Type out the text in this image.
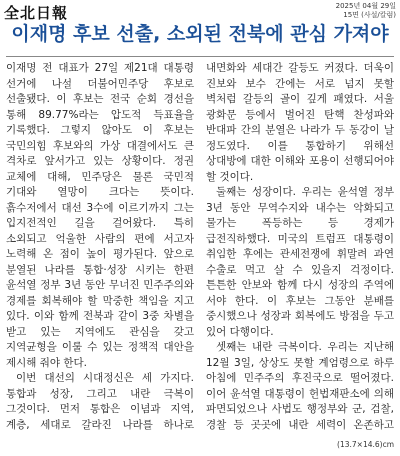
全北日報	2025년 04월 29일
15면 (사설/칼럼)
이재명 후보 선출, 소외된 전북에 관심 가져야

이재명 전 대표가 27일 제21대 대통령 선거에 나설 더불어민주당 후보로 선출됐다. 이 후보는 전국 순회 경선을 통해 89.77%라는 압도적 득표율을 기록했다. 그렇지 않아도 이 후보는 국민의힘 후보와의 가상 대결에서도 큰 격차로 앞서가고 있는 상황이다. 정권 교체에 대해, 민주당은 물론 국민적 기대와 열망이 크다는 뜻이다. 흙수저에서 대선 3수에 이르기까지 그는 입지전적인 길을 걸어왔다. 특히 소외되고 억울한 사람의 편에 서고자 노력해 온 점이 높이 평가된다. 앞으로 분열된 나라를 통합·성장 시키는 한편 윤석열 정부 3년 동안 무너진 민주주의와 경제를 회복해야 할 막중한 책임을 지고 있다. 이와 함께 전북과 같이 3중 차별을 받고 있는 지역에도 관심을 갖고 지역균형을 이룰 수 있는 정책적 대안을 제시해 줘야 한다.

이번 대선의 시대정신은 세 가지다. 통합과 성장, 그리고 내란 극복이 그것이다. 먼저 통합은 이념과 지역, 계층, 세대로 갈라진 나라를 하나로

내면화와 세대간 갈등도 커졌다. 더욱이 진보와 보수 간에는 서로 넘지 못할 벽처럼 갈등의 골이 깊게 패였다. 서울 광화문 등에서 벌어진 탄핵 찬성파와 반대파 간의 분열은 나라가 두 동강이 날 정도였다. 이를 통합하기 위해선 상대방에 대한 이해와 포용이 선행되어야 할 것이다.

둘째는 성장이다. 우리는 윤석열 정부 3년 동안 무역수지와 내수는 악화되고 물가는 폭등하는 등 경제가 급전직하했다. 미국의 트럼프 대통령이 취임한 후에는 관세전쟁에 휘말려 과연 수출로 먹고 살 수 있을지 걱정이다. 튼튼한 안보와 함께 다시 성장의 주역에 서야 한다. 이 후보는 그동안 분배를 중시했으나 성장과 회복에도 방점을 두고 있어 다행이다.

셋째는 내란 극복이다. 우리는 지난해 12월 3일, 상상도 못할 계엄령으로 하루 아침에 민주주의 후진국으로 떨어졌다. 이어 윤석열 대통령이 헌법재판소에 의해 파면되었으나 사법도 행정부와 군, 검찰, 경찰 등 곳곳에 내란 세력이 온존하고

(13.7×14.6)cm
